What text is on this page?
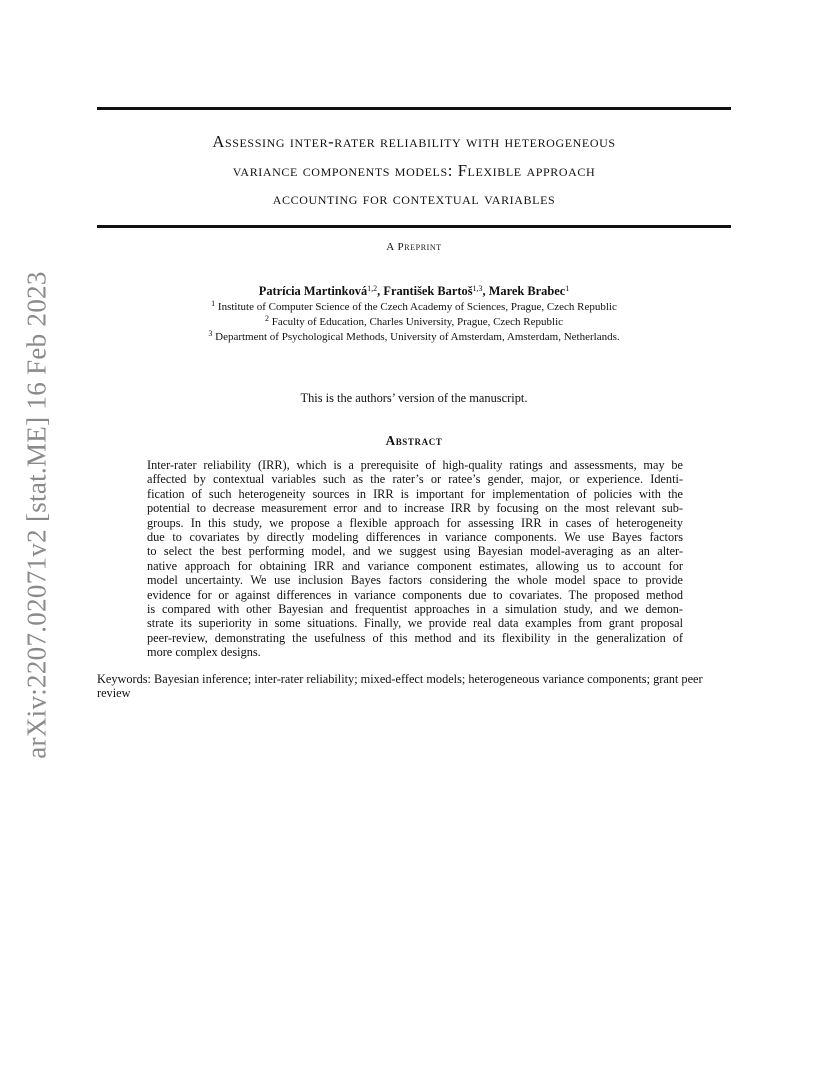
arXiv:2207.02071v2 [stat.ME] 16 Feb 2023
Assessing inter-rater reliability with heterogeneous
variance components models: Flexible approach
accounting for contextual variables
A Preprint
Patrícia Martinková$^{1,2}$, František Bartoš$^{1,3}$, Marek Brabec$^1$
$^1$ Institute of Computer Science of the Czech Academy of Sciences, Prague, Czech Republic
$^2$ Faculty of Education, Charles University, Prague, Czech Republic
$^3$ Department of Psychological Methods, University of Amsterdam, Amsterdam, Netherlands.
This is the authors’ version of the manuscript.
Abstract
Inter-rater reliability (IRR), which is a prerequisite of high-quality ratings and assessments, may be
affected by contextual variables such as the rater’s or ratee’s gender, major, or experience. Identi-
fication of such heterogeneity sources in IRR is important for implementation of policies with the
potential to decrease measurement error and to increase IRR by focusing on the most relevant sub-
groups. In this study, we propose a flexible approach for assessing IRR in cases of heterogeneity
due to covariates by directly modeling differences in variance components. We use Bayes factors
to select the best performing model, and we suggest using Bayesian model-averaging as an alter-
native approach for obtaining IRR and variance component estimates, allowing us to account for
model uncertainty. We use inclusion Bayes factors considering the whole model space to provide
evidence for or against differences in variance components due to covariates. The proposed method
is compared with other Bayesian and frequentist approaches in a simulation study, and we demon-
strate its superiority in some situations. Finally, we provide real data examples from grant proposal
peer-review, demonstrating the usefulness of this method and its flexibility in the generalization of
more complex designs.
Keywords: Bayesian inference; inter-rater reliability; mixed-effect models; heterogeneous variance components; grant peer review
